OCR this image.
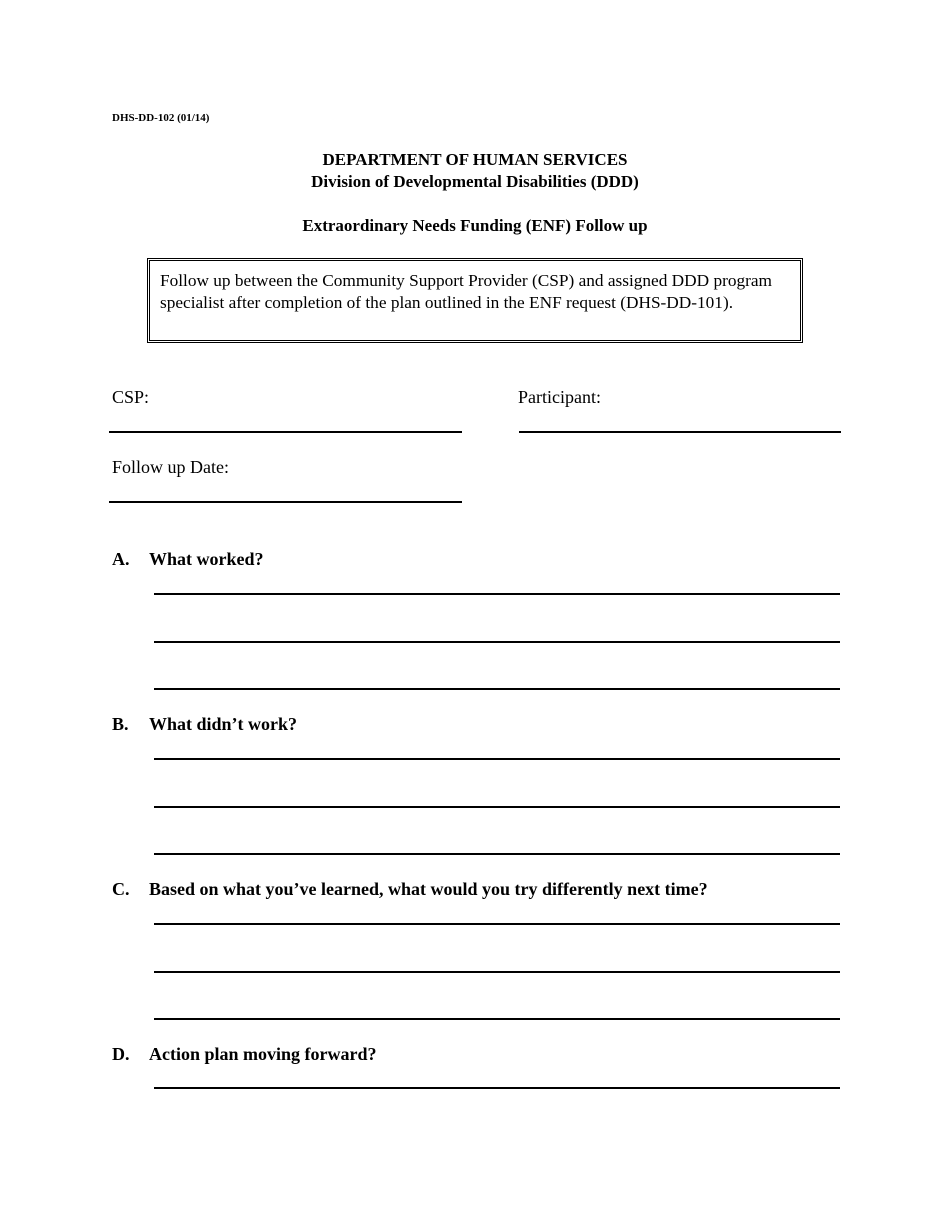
DHS-DD-102 (01/14)
DEPARTMENT OF HUMAN SERVICES
Division of Developmental Disabilities (DDD)
Extraordinary Needs Funding (ENF) Follow up
Follow up between the Community Support Provider (CSP) and assigned DDD program specialist after completion of the plan outlined in the ENF request (DHS-DD-101).
CSP:	Participant:
Follow up Date:
A. What worked?
B. What didn’t work?
C. Based on what you’ve learned, what would you try differently next time?
D. Action plan moving forward?
